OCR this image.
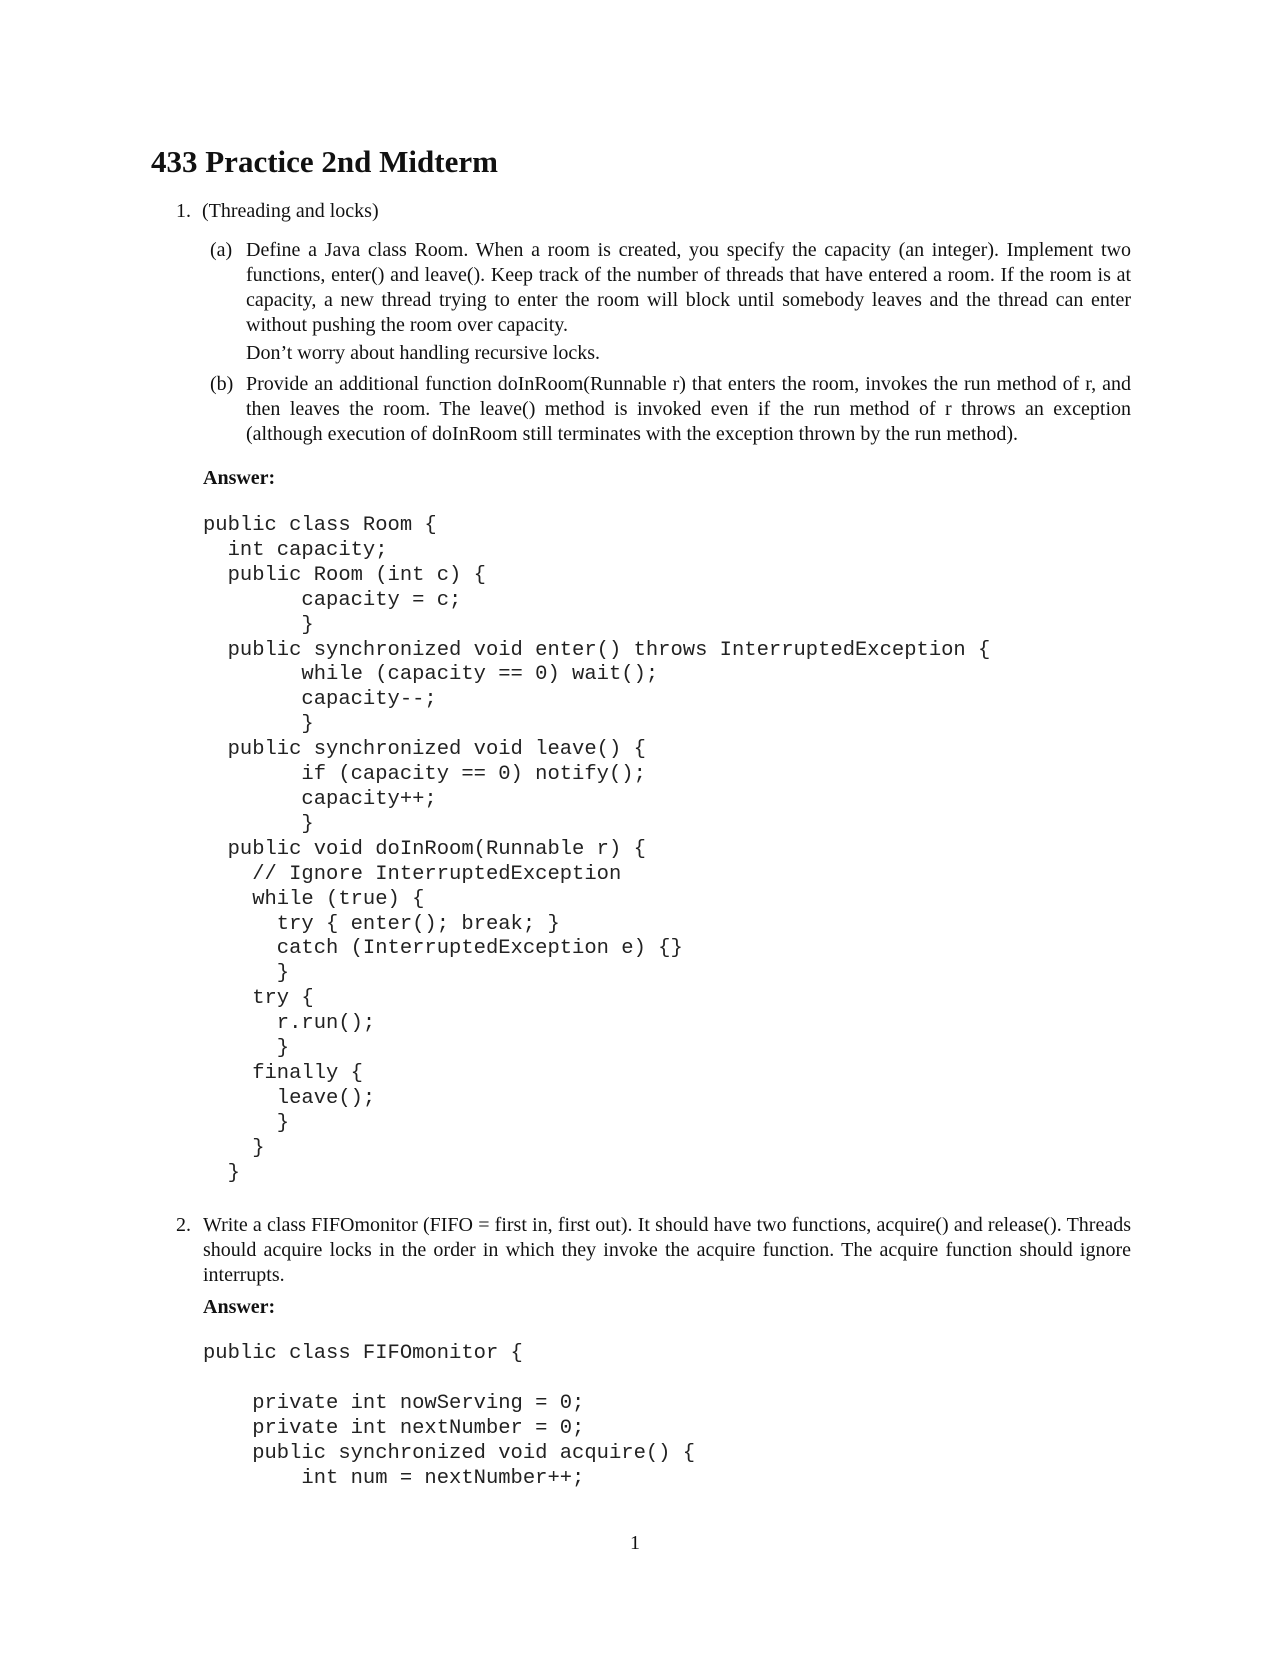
433 Practice 2nd Midterm
1. (Threading and locks)
(a) Define a Java class Room. When a room is created, you specify the capacity (an integer). Implement two functions, enter() and leave(). Keep track of the number of threads that have entered a room. If the room is at capacity, a new thread trying to enter the room will block until somebody leaves and the thread can enter without pushing the room over capacity.

Don’t worry about handling recursive locks.

(b) Provide an additional function doInRoom(Runnable r) that enters the room, invokes the run method of r, and then leaves the room. The leave() method is invoked even if the run method of r throws an exception (although execution of doInRoom still terminates with the exception thrown by the run method).

Answer:
public class Room {
int capacity;
public Room (int c) {
capacity = c;
}
public synchronized void enter() throws InterruptedException {
while (capacity == 0) wait();
capacity--;
}
public synchronized void leave() {
if (capacity == 0) notify();
capacity++;
}
public void doInRoom(Runnable r) {
// Ignore InterruptedException
while (true) {
try { enter(); break; }
catch (InterruptedException e) {}
}
try {
r.run();
}
finally {
leave();
}
}
}
2. Write a class FIFOmonitor (FIFO = first in, first out). It should have two functions, acquire() and release(). Threads should acquire locks in the order in which they invoke the acquire function. The acquire function should ignore interrupts.

Answer:
public class FIFOmonitor {

private int nowServing = 0;
private int nextNumber = 0;
public synchronized void acquire() {
int num = nextNumber++;
1
